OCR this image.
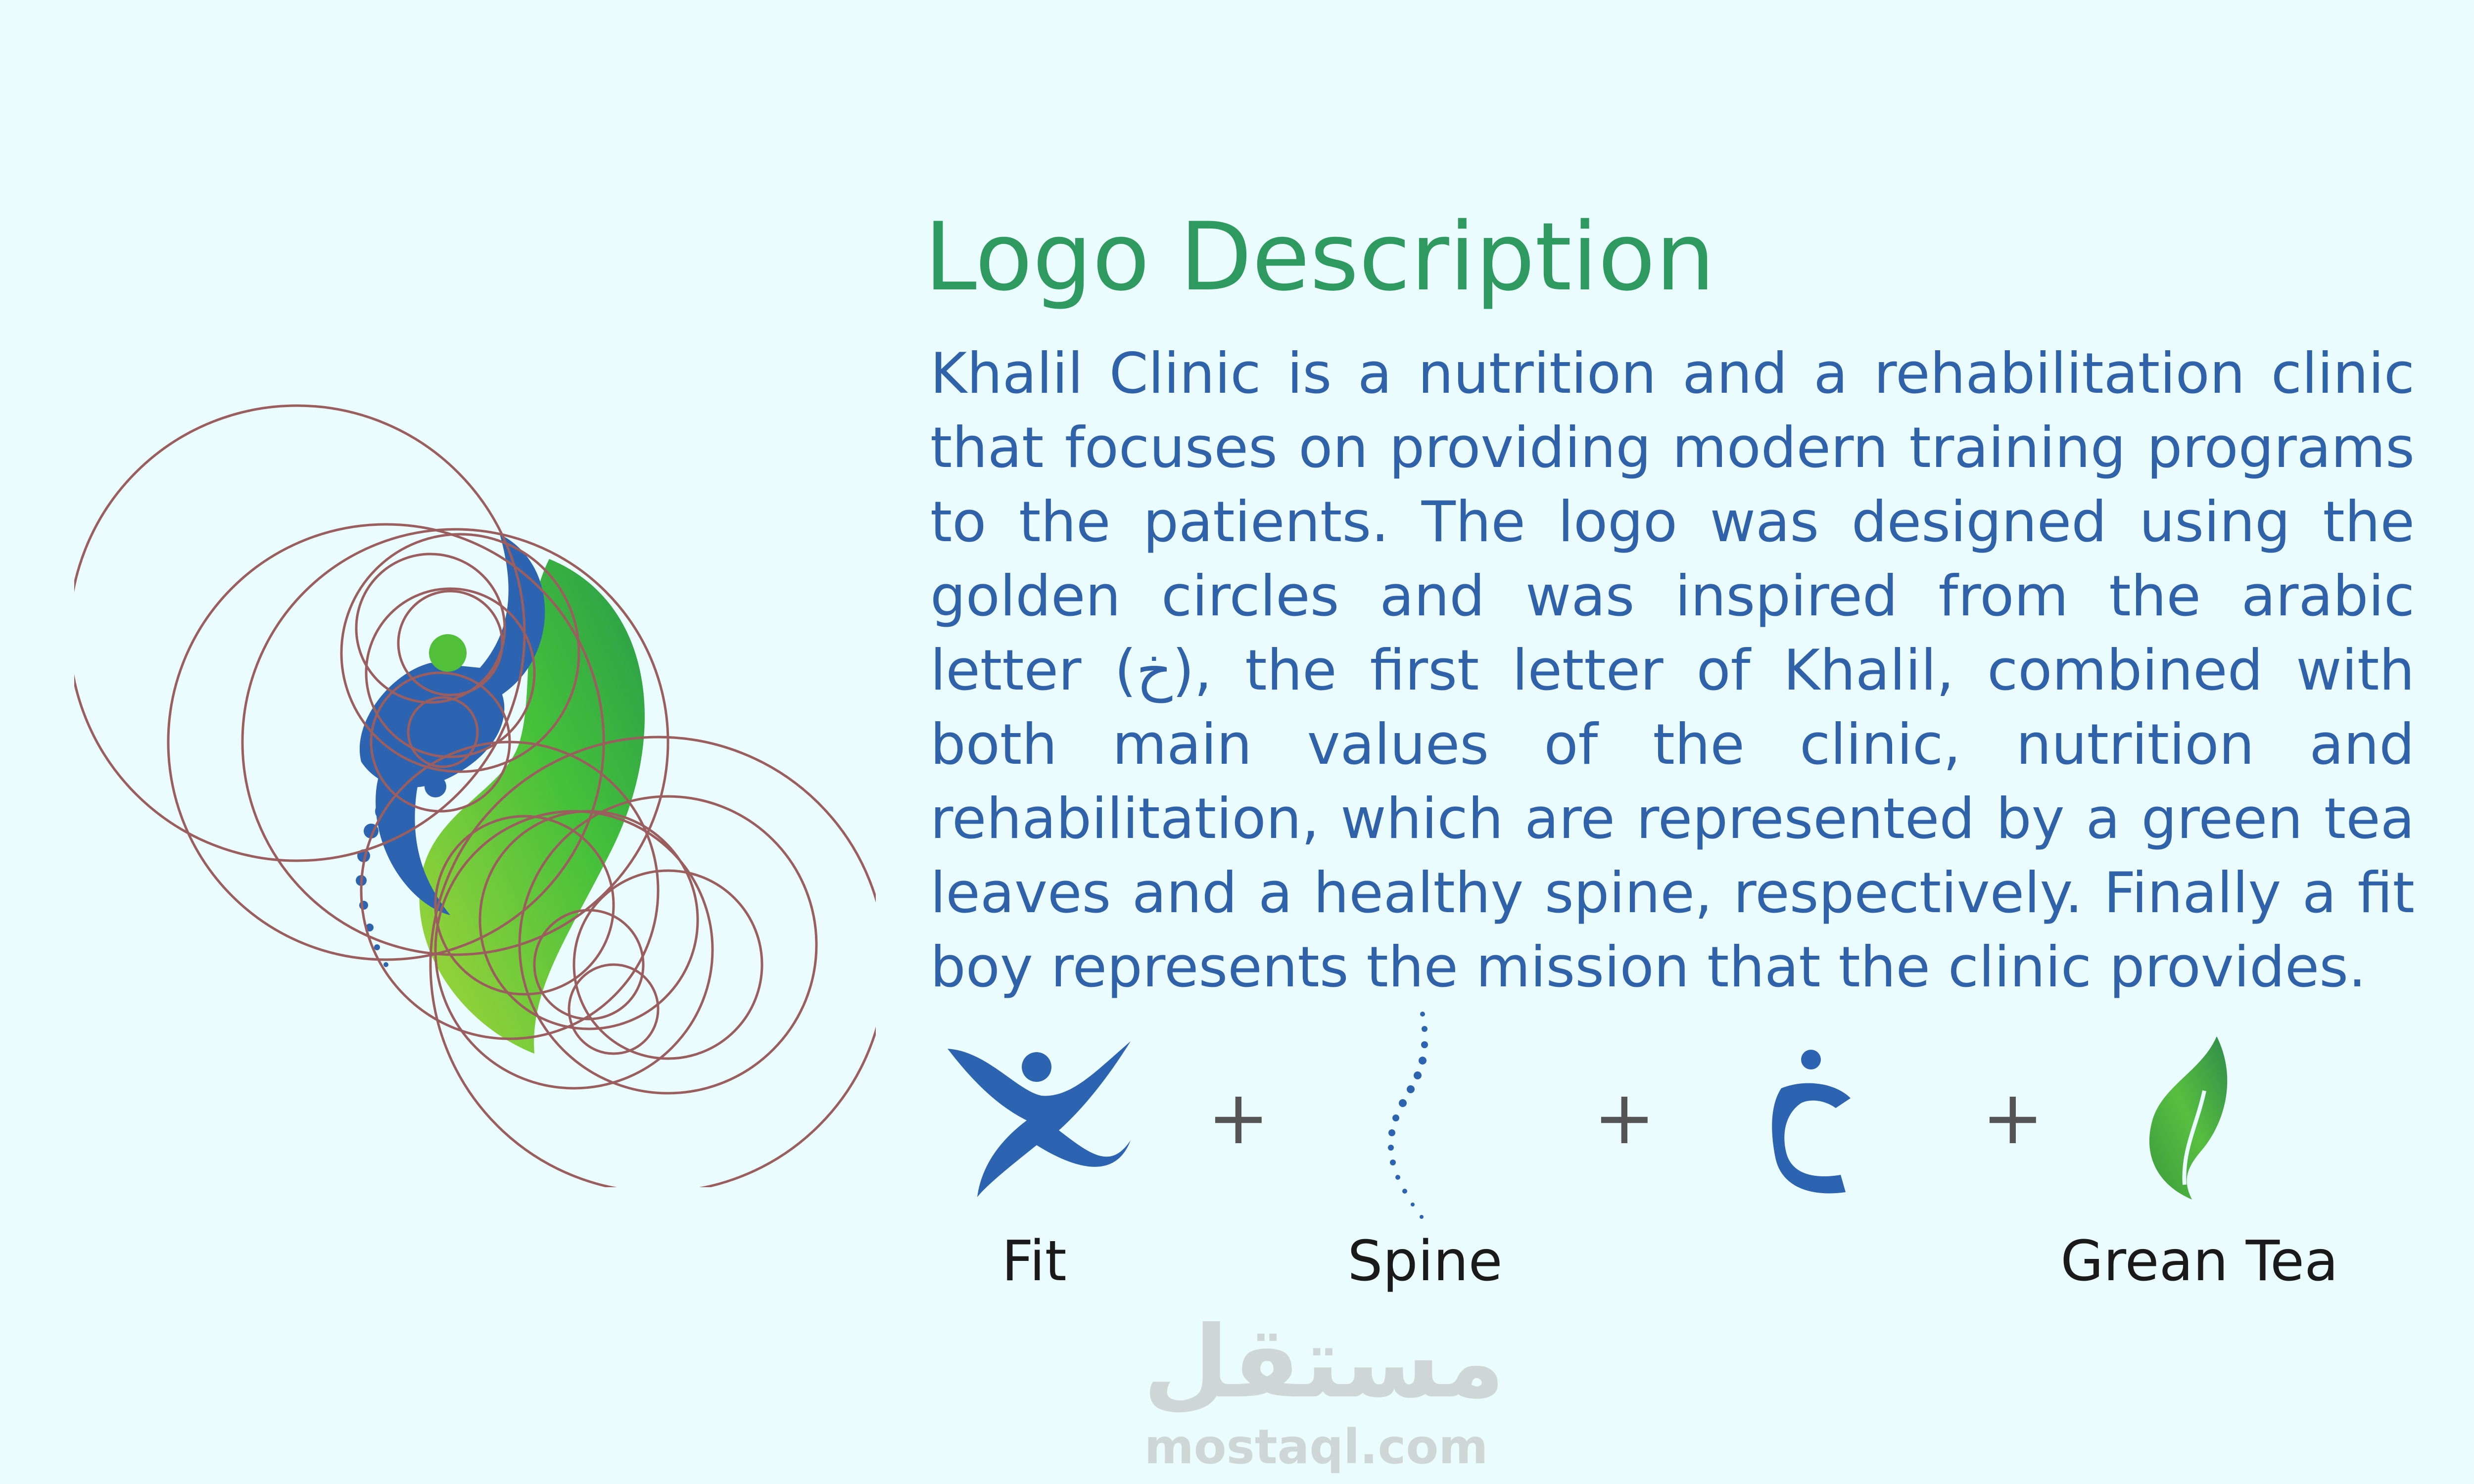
Logo Description
Khalil Clinic is a nutrition and a rehabilitation clinic that focuses on providing modern training programs to the patients. The logo was designed using the golden circles and was inspired from the arabic letter (خ), the first letter of Khalil, combined with both main values of the clinic, nutrition and rehabilitation, which are represented by a green tea leaves and a healthy spine, respectively. Finally a fit boy represents the mission that the clinic provides.
+	+	+
Fit	Spine	Grean Tea
مستقل
mostaql.com
